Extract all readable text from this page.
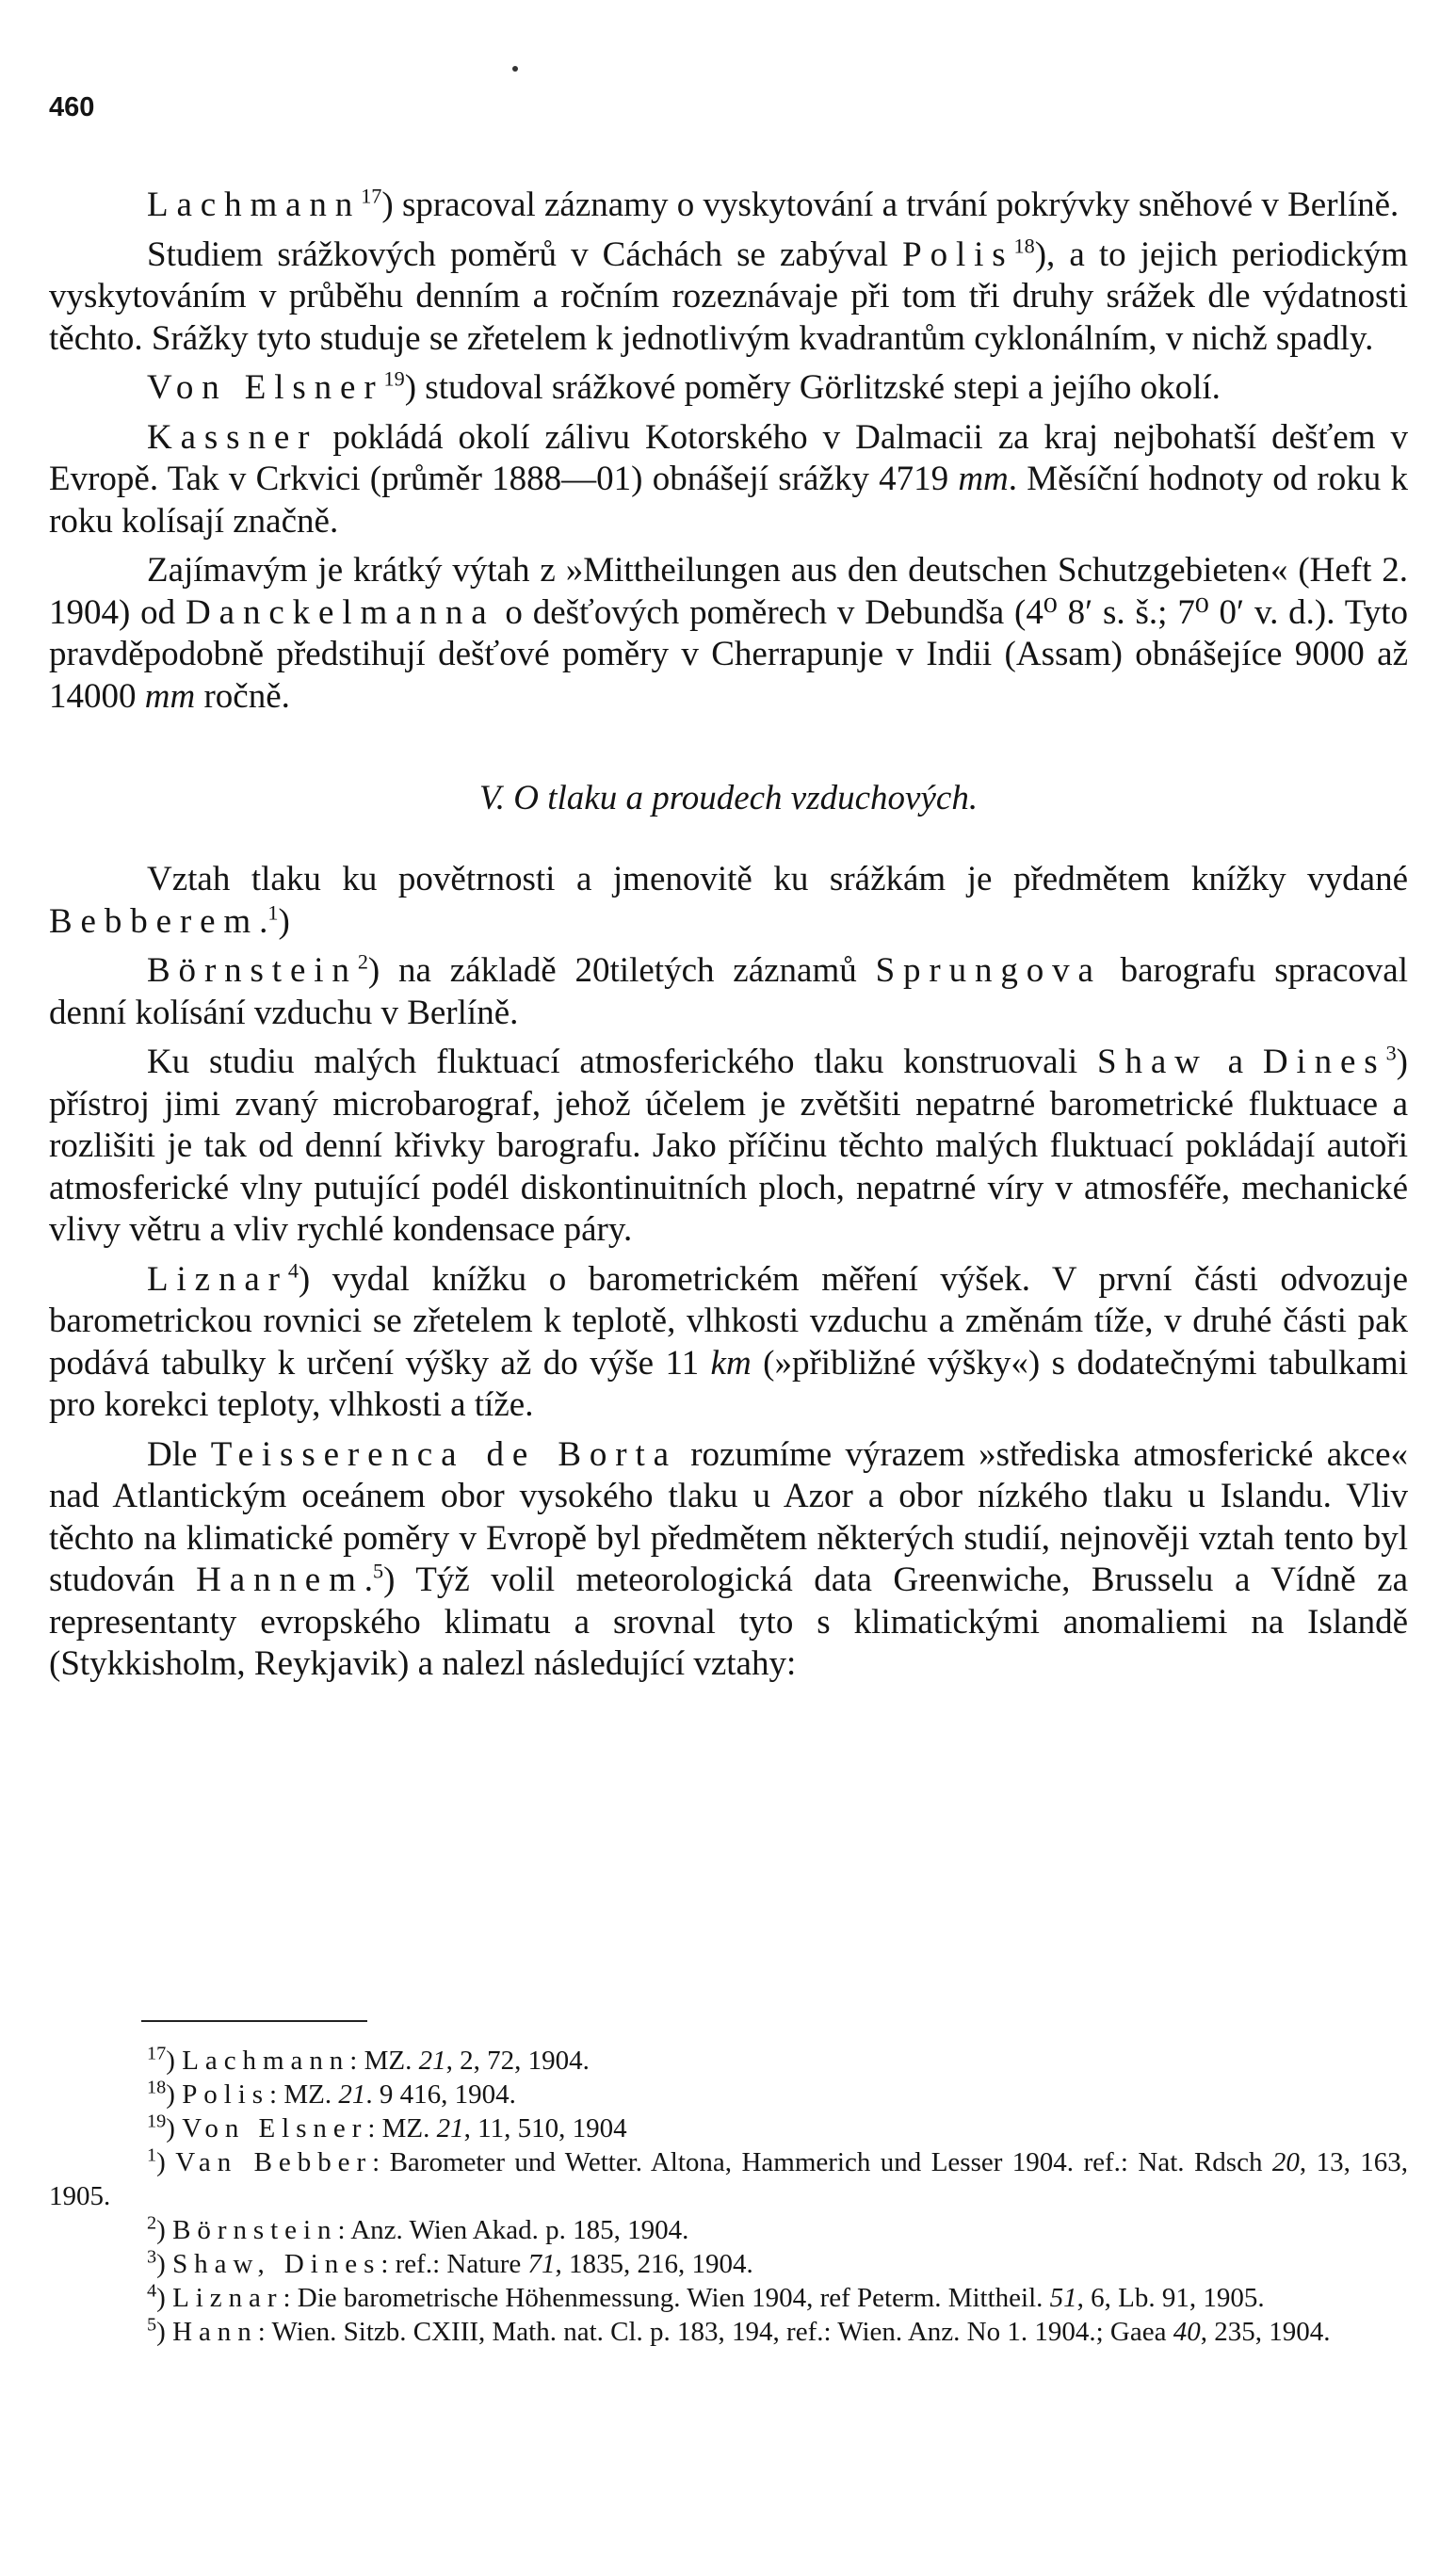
460

Lachmann$^{17}$) spracoval záznamy o vyskytování a trvání pokrývky sněhové v Berlíně.

Studiem srážkových poměrů v Cáchách se zabýval Polis$^{18}$), a to jejich periodickým vyskytováním v průběhu denním a ročním rozeznávaje při tom tři druhy srážek dle výdatnosti těchto. Srážky tyto studuje se zřetelem k jednotlivým kvadrantům cyklonálním, v nichž spadly.

Von Elsner$^{19}$) studoval srážkové poměry Görlitzské stepi a jejího okolí.

Kassner pokládá okolí zálivu Kotorského v Dalmacii za kraj nejbohatší dešťem v Evropě. Tak v Crkvici (průměr 1888—01) obnášejí srážky 4719 mm. Měsíční hodnoty od roku k roku kolísají značně.

Zajímavým je krátký výtah z »Mittheilungen aus den deutschen Schutzgebieten« (Heft 2. 1904) od Danckelmanna o dešťových poměrech v Debundša (4⁰ 8′ s. š.; 7⁰ 0′ v. d.). Tyto pravděpodobně předstihují dešťové poměry v Cherrapunje v Indii (Assam) obnášejíce 9000 až 14000 mm ročně.

V. O tlaku a proudech vzduchových.

Vztah tlaku ku povětrnosti a jmenovitě ku srážkám je předmětem knížky vydané Bebberem.$^1$)

Börnstein$^2$) na základě 20tiletých záznamů Sprungova barografu spracoval denní kolísání vzduchu v Berlíně.

Ku studiu malých fluktuací atmosferického tlaku konstruovali Shaw a Dines$^3$) přístroj jimi zvaný microbarograf, jehož účelem je zvětšiti nepatrné barometrické fluktuace a rozlišiti je tak od denní křivky barografu. Jako příčinu těchto malých fluktuací pokládají autoři atmosferické vlny putující podél diskontinuitních ploch, nepatrné víry v atmosféře, mechanické vlivy větru a vliv rychlé kondensace páry.

Liznar$^4$) vydal knížku o barometrickém měření výšek. V první části odvozuje barometrickou rovnici se zřetelem k teplotě, vlhkosti vzduchu a změnám tíže, v druhé části pak podává tabulky k určení výšky až do výše 11 km (»přibližné výšky«) s dodatečnými tabulkami pro korekci teploty, vlhkosti a tíže.

Dle Teisserenca de Borta rozumíme výrazem »střediska atmosferické akce« nad Atlantickým oceánem obor vysokého tlaku u Azor a obor nízkého tlaku u Islandu. Vliv těchto na klimatické poměry v Evropě byl předmětem některých studií, nejnověji vztah tento byl studován Hannem.$^5$) Týž volil meteorologická data Greenwiche, Brusselu a Vídně za representanty evropského klimatu a srovnal tyto s klimatickými anomaliemi na Islandě (Stykkisholm, Reykjavik) a nalezl následující vztahy:

$^{17}$) Lachmann: MZ. 21, 2, 72, 1904.

$^{18}$) Polis: MZ. 21. 9 416, 1904.

$^{19}$) Von Elsner: MZ. 21, 11, 510, 1904

$^1$) Van Bebber: Barometer und Wetter. Altona, Hammerich und Lesser 1904. ref.: Nat. Rdsch 20, 13, 163, 1905.

$^2$) Börnstein: Anz. Wien Akad. p. 185, 1904.

$^3$) Shaw, Dines: ref.: Nature 71, 1835, 216, 1904.

$^4$) Liznar: Die barometrische Höhenmessung. Wien 1904, ref Peterm. Mittheil. 51, 6, Lb. 91, 1905.

$^5$) Hann: Wien. Sitzb. CXIII, Math. nat. Cl. p. 183, 194, ref.: Wien. Anz. No 1. 1904.; Gaea 40, 235, 1904.
